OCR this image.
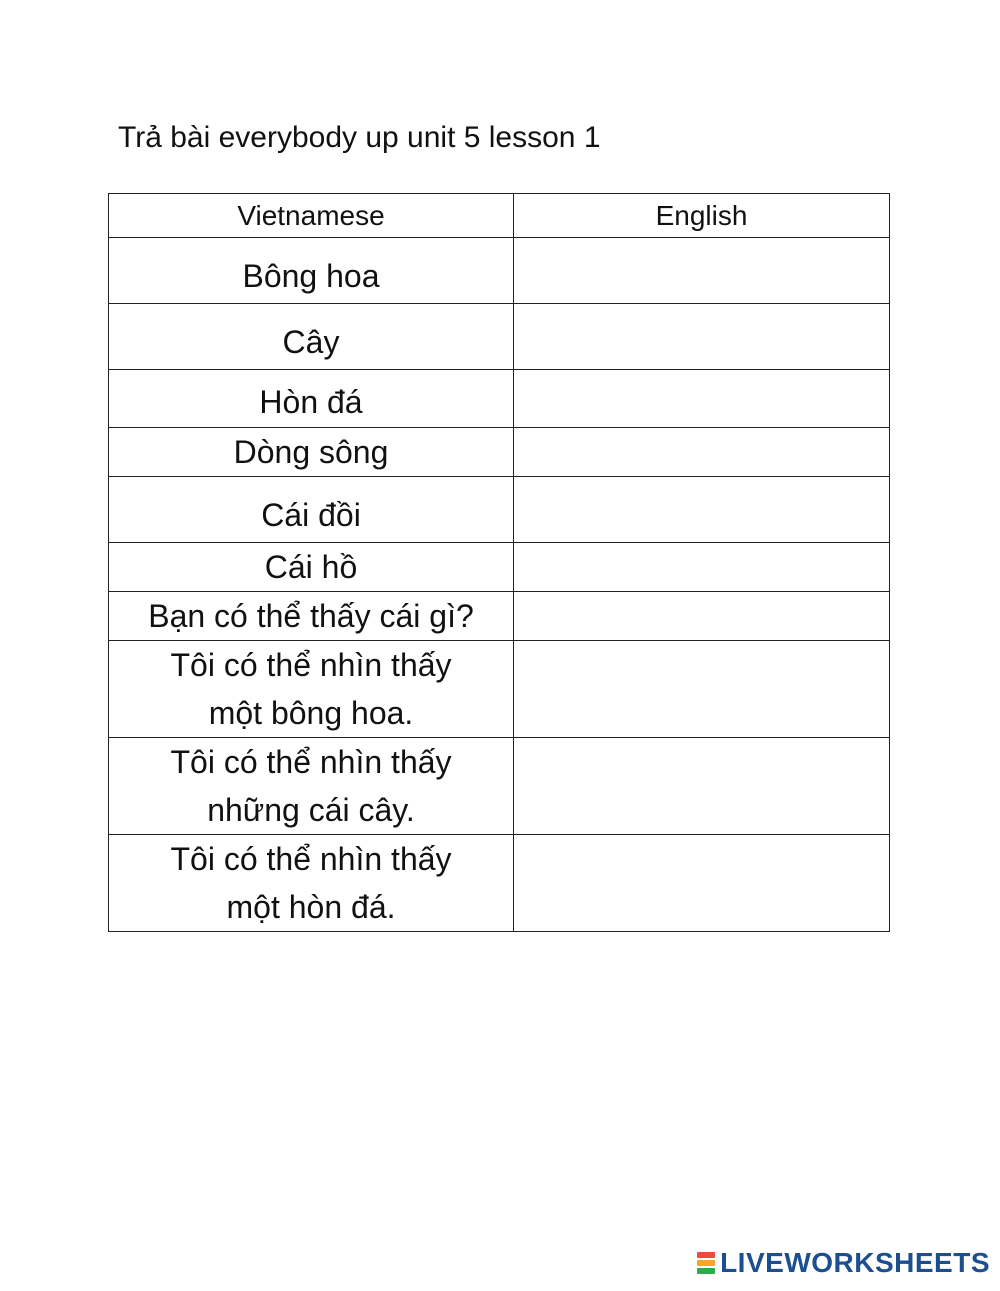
Trả bài everybody up unit 5 lesson 1
Vietnamese	English
Bông hoa	
Cây	
Hòn đá	
Dòng sông	
Cái đồi	
Cái hồ	
Bạn có thể thấy cái gì?	

Tôi có thể nhìn thấy
một bông hoa.	

Tôi có thể nhìn thấy
những cái cây.	

Tôi có thể nhìn thấy
một hòn đá.	

LIVEWORKSHEETS
